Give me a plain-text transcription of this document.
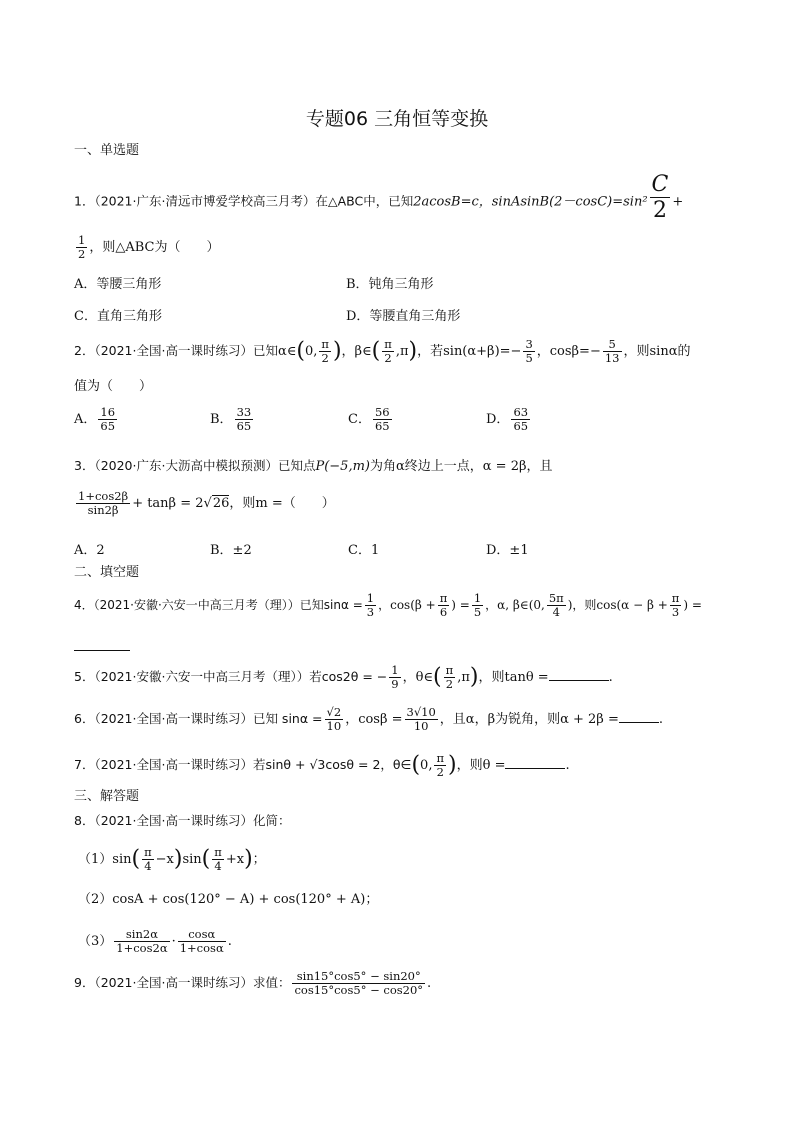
专题06 三角恒等变换
一、单选题
1．（2021·广东·清远市博爱学校高三月考）在△ABC中，已知2acosB=c，sinAsinB(2－cosC)=sin² $\frac{C}{2}$ +
$\frac{1}{2}$ ，则△ABC为（　　）
A．等腰三角形	B．钝角三角形
C．直角三角形	D．等腰直角三角形
2．（2021·全国·高一课时练习）已知α∈(0, $\frac{\pi}{2}$ )，β∈( $\frac{\pi}{2} ,\pi$)，若$\sin(\alpha+\beta)=- \frac{3}{5}$ ，$\cos\beta=- \frac{5}{13}$ ，则sinα的
值为（　　）
A． $\frac{16}{65}$	B． $\frac{33}{65}$	C． $\frac{56}{65}$	D． $\frac{63}{65}$
3．（2020·广东·大沥高中模拟预测）已知点P(−5,m)为角α终边上一点，α = 2β，且
$\frac{1+\cos 2\beta}{\sin 2\beta} + \tan\beta = 2√26$，则m =（　　）
A．2	B．±2	C．1	D．±1
二、填空题
4．（2021·安徽·六安一中高三月考（理））已知$\sin\alpha = \frac{1}{3}$ ，$\cos(\beta + \frac{\pi}{6}$ ) = $\frac{1}{5}$ ，α, β∈(0, $\frac{5\pi}{4}$ )，则$\cos(\alpha - \beta + \frac{\pi}{3}$ ) =
5．（2021·安徽·六安一中高三月考（理））若cos2θ = − $\frac{1}{9}$ ，θ∈( $\frac{\pi}{2} ,\pi$)，则tanθ =	.
6．（2021·全国·高一课时练习）已知 $\sin\alpha = \frac{√2}{10}$ ，$\cos\beta = \frac{3√10}{10}$ ，且α，β为锐角，则α + 2β =	.
7．（2021·全国·高一课时练习）若sinθ + √3cosθ = 2，θ∈(0, $\frac{\pi}{2}$ )，则θ =	.
三、解答题
8．（2021·全国·高一课时练习）化简：
$(1)\sin( \frac{\pi}{4} -x)\sin( \frac{\pi}{4} +x)$；
（2）cosA + cos(120° − A) + cos(120° + A)；
$(3) \frac{\sin 2\alpha}{1+\cos 2\alpha} \cdot \frac{\cos\alpha}{1+\cos\alpha}$ .
9．（2021·全国·高一课时练习）求值： $\frac{\sin 15^\circ\cos 5^\circ - \sin 20^\circ}{\cos 15^\circ\cos 5^\circ - \cos 20^\circ}$ .
